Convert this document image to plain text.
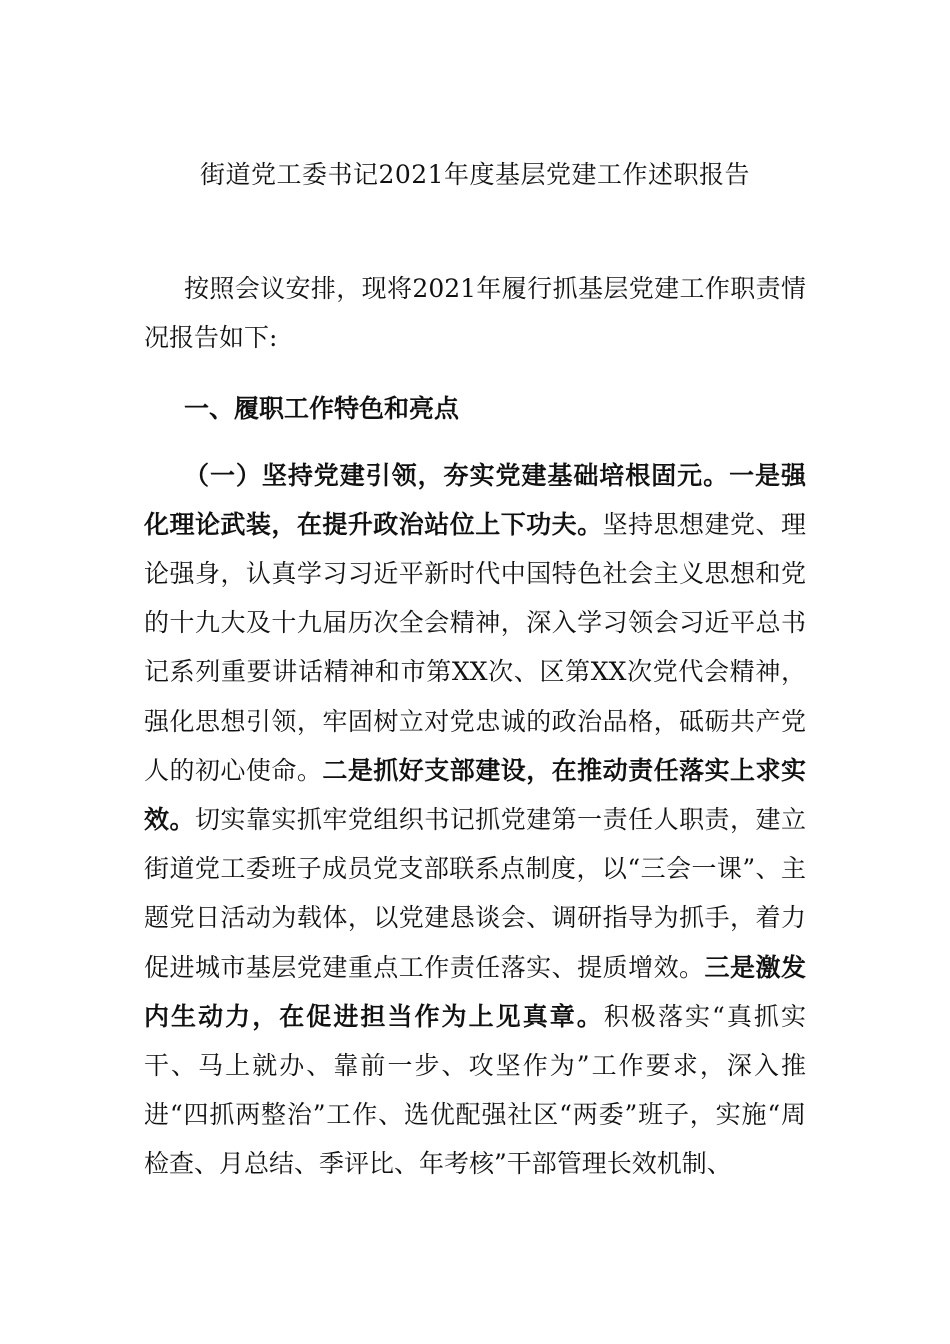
街道党工委书记2021年度基层党建工作述职报告

按照会议安排，现将2021年履行抓基层党建工作职责情况报告如下:

一、履职工作特色和亮点

（一）坚持党建引领，夯实党建基础培根固元。一是强化理论武装，在提升政治站位上下功夫。坚持思想建党、理论强身，认真学习习近平新时代中国特色社会主义思想和党的十九大及十九届历次全会精神，深入学习领会习近平总书记系列重要讲话精神和市第XX次、区第XX次党代会精神，强化思想引领，牢固树立对党忠诚的政治品格，砥砺共产党人的初心使命。二是抓好支部建设，在推动责任落实上求实效。切实靠实抓牢党组织书记抓党建第一责任人职责，建立街道党工委班子成员党支部联系点制度，以“三会一课”、主题党日活动为载体，以党建恳谈会、调研指导为抓手，着力促进城市基层党建重点工作责任落实、提质增效。三是激发内生动力，在促进担当作为上见真章。积极落实“真抓实干、马上就办、靠前一步、攻坚作为”工作要求，深入推进“四抓两整治”工作、选优配强社区“两委”班子，实施“周检查、月总结、季评比、年考核”干部管理长效机制、
